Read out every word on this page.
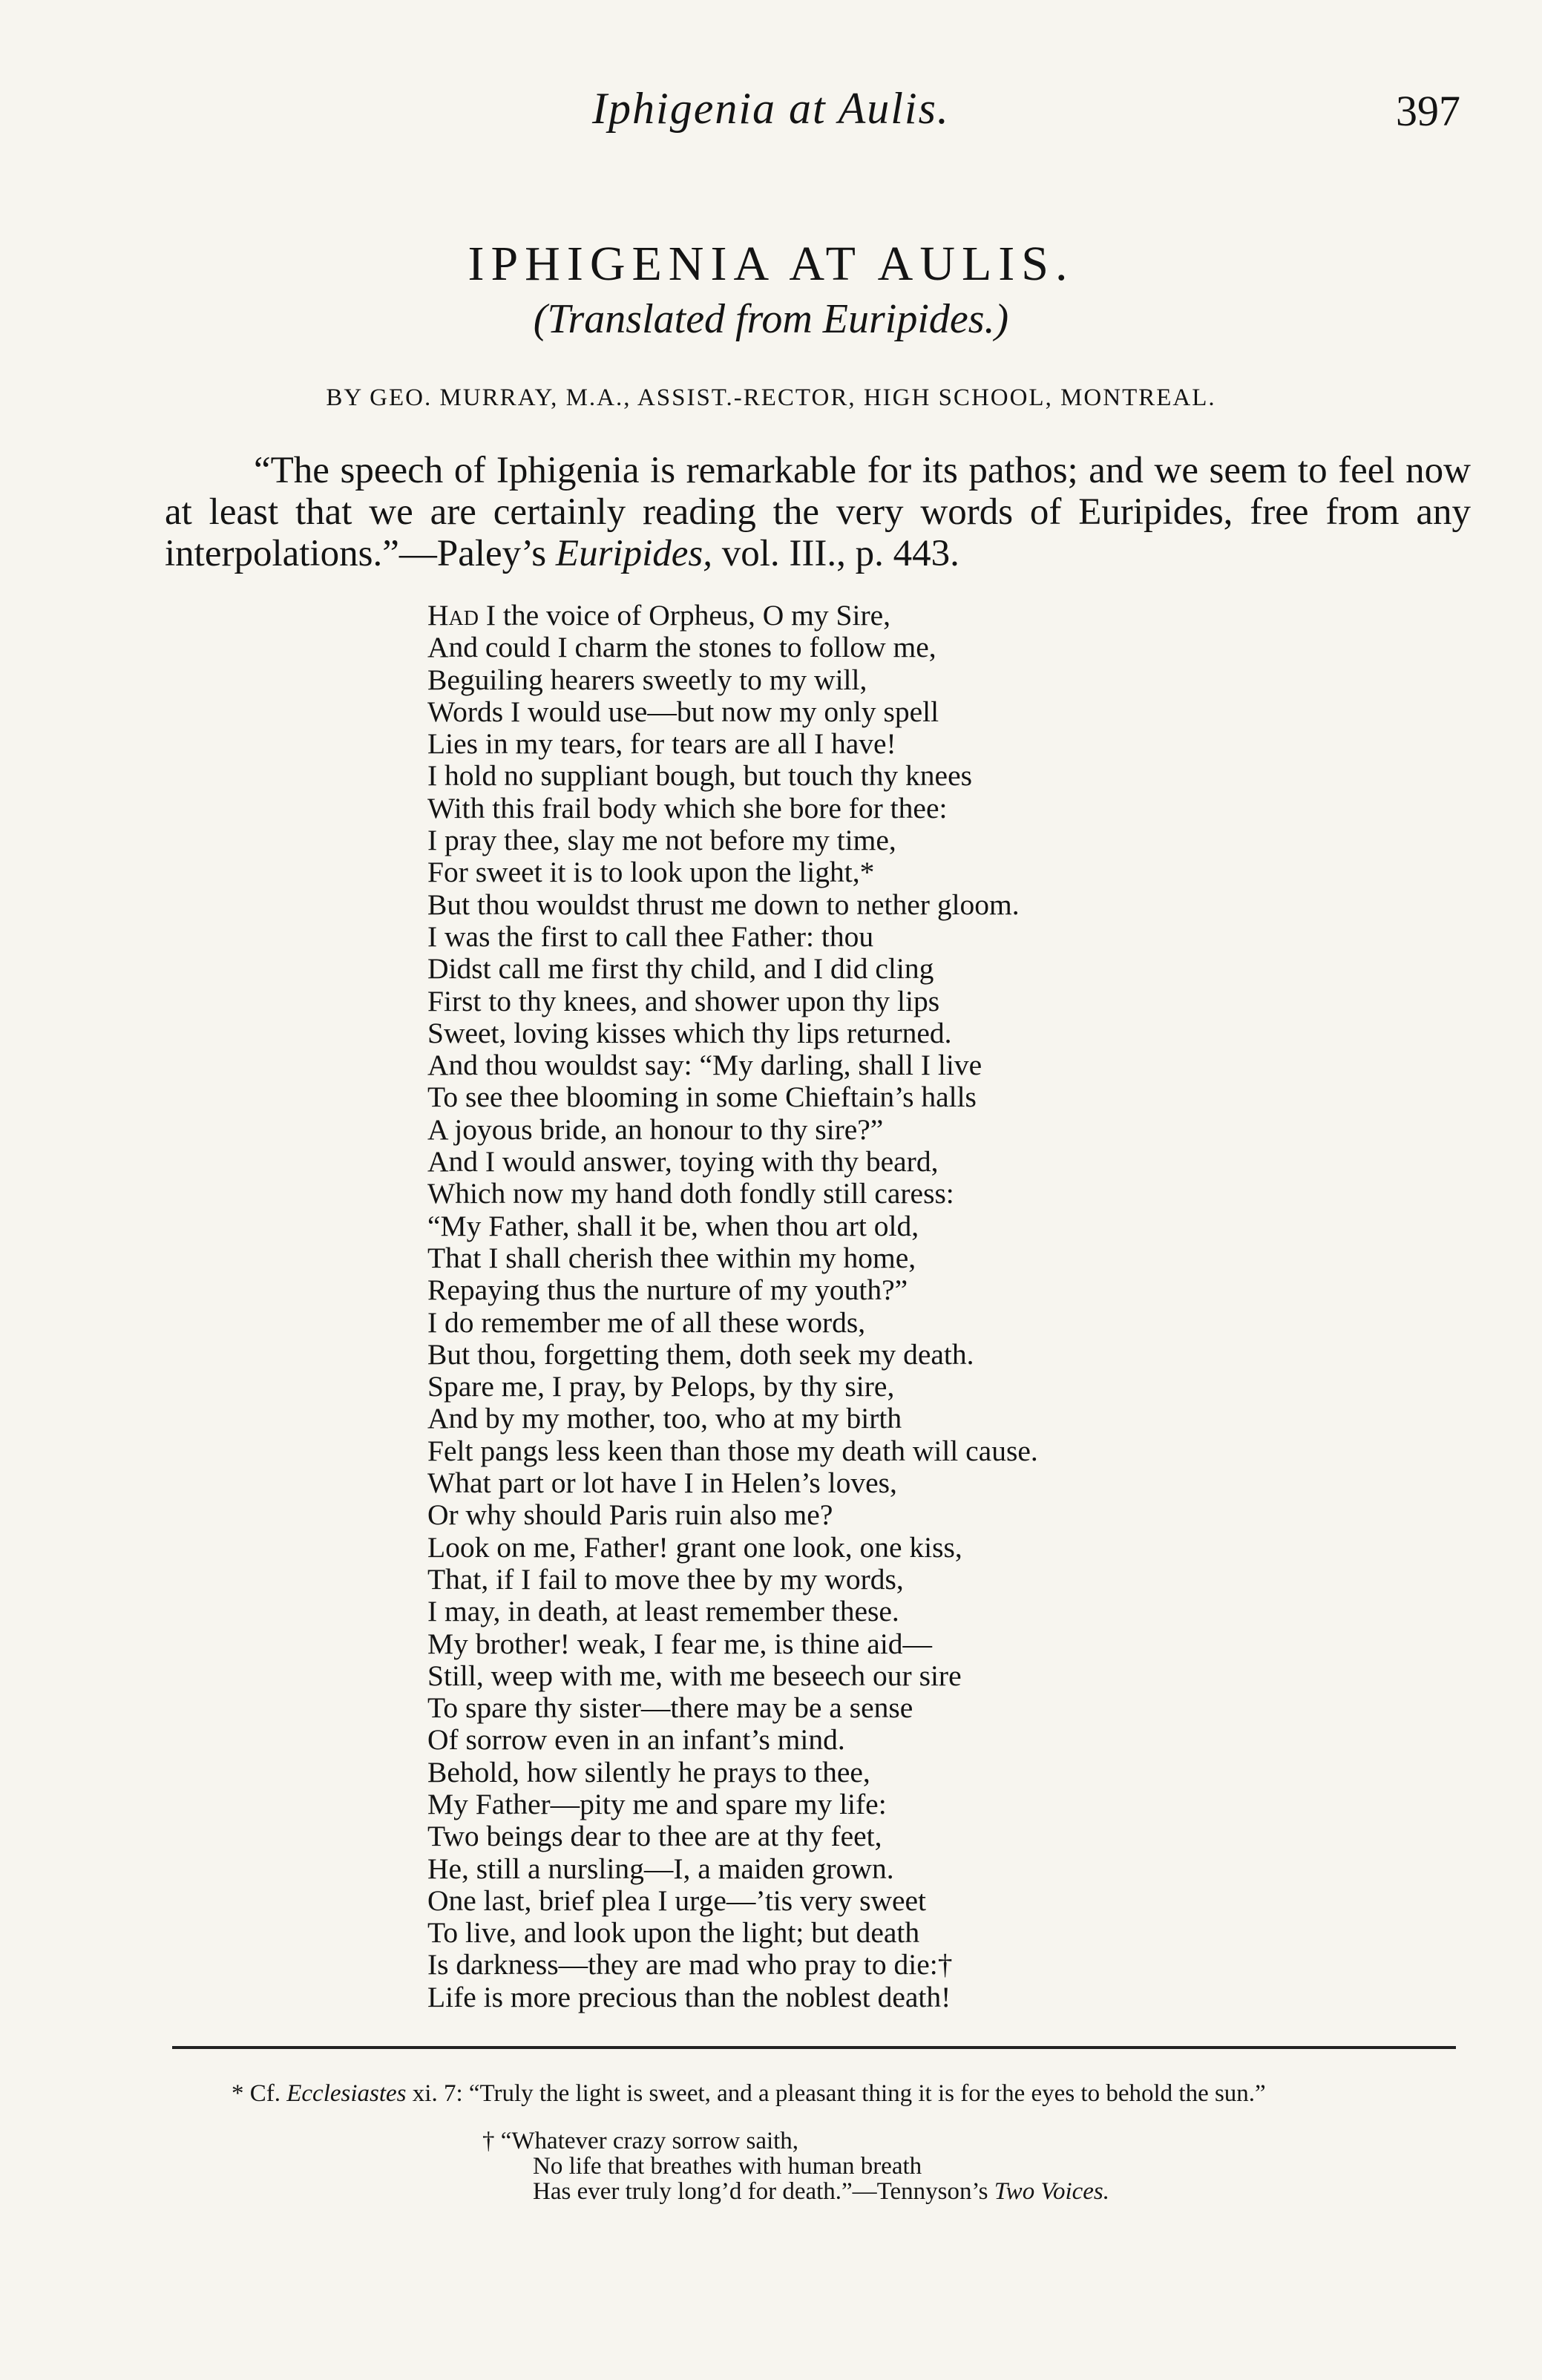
Iphigenia at Aulis.	397
IPHIGENIA AT AULIS.
(Translated from Euripides.)
BY GEO. MURRAY, M.A., ASSIST.-RECTOR, HIGH SCHOOL, MONTREAL.
“The speech of Iphigenia is remarkable for its pathos; and we seem to feel now at least that we are certainly reading the very words of Euripides, free from any interpolations.”—Paley’s Euripides, vol. III., p. 443.
Had I the voice of Orpheus, O my Sire,
And could I charm the stones to follow me,
Beguiling hearers sweetly to my will,
Words I would use—but now my only spell
Lies in my tears, for tears are all I have!
I hold no suppliant bough, but touch thy knees
With this frail body which she bore for thee:
I pray thee, slay me not before my time,
For sweet it is to look upon the light,*
But thou wouldst thrust me down to nether gloom.
I was the first to call thee Father: thou
Didst call me first thy child, and I did cling
First to thy knees, and shower upon thy lips
Sweet, loving kisses which thy lips returned.
And thou wouldst say: “My darling, shall I live
To see thee blooming in some Chieftain’s halls
A joyous bride, an honour to thy sire?”
And I would answer, toying with thy beard,
Which now my hand doth fondly still caress:
“My Father, shall it be, when thou art old,
That I shall cherish thee within my home,
Repaying thus the nurture of my youth?”
I do remember me of all these words,
But thou, forgetting them, doth seek my death.
Spare me, I pray, by Pelops, by thy sire,
And by my mother, too, who at my birth
Felt pangs less keen than those my death will cause.
What part or lot have I in Helen’s loves,
Or why should Paris ruin also me?
Look on me, Father! grant one look, one kiss,
That, if I fail to move thee by my words,
I may, in death, at least remember these.
My brother! weak, I fear me, is thine aid—
Still, weep with me, with me beseech our sire
To spare thy sister—there may be a sense
Of sorrow even in an infant’s mind.
Behold, how silently he prays to thee,
My Father—pity me and spare my life:
Two beings dear to thee are at thy feet,
He, still a nursling—I, a maiden grown.
One last, brief plea I urge—’tis very sweet
To live, and look upon the light; but death
Is darkness—they are mad who pray to die:†
Life is more precious than the noblest death!
* Cf. Ecclesiastes xi. 7: “Truly the light is sweet, and a pleasant thing it is for the eyes to behold the sun.”
† “Whatever crazy sorrow saith,
No life that breathes with human breath
Has ever truly long’d for death.”—Tennyson’s Two Voices.
